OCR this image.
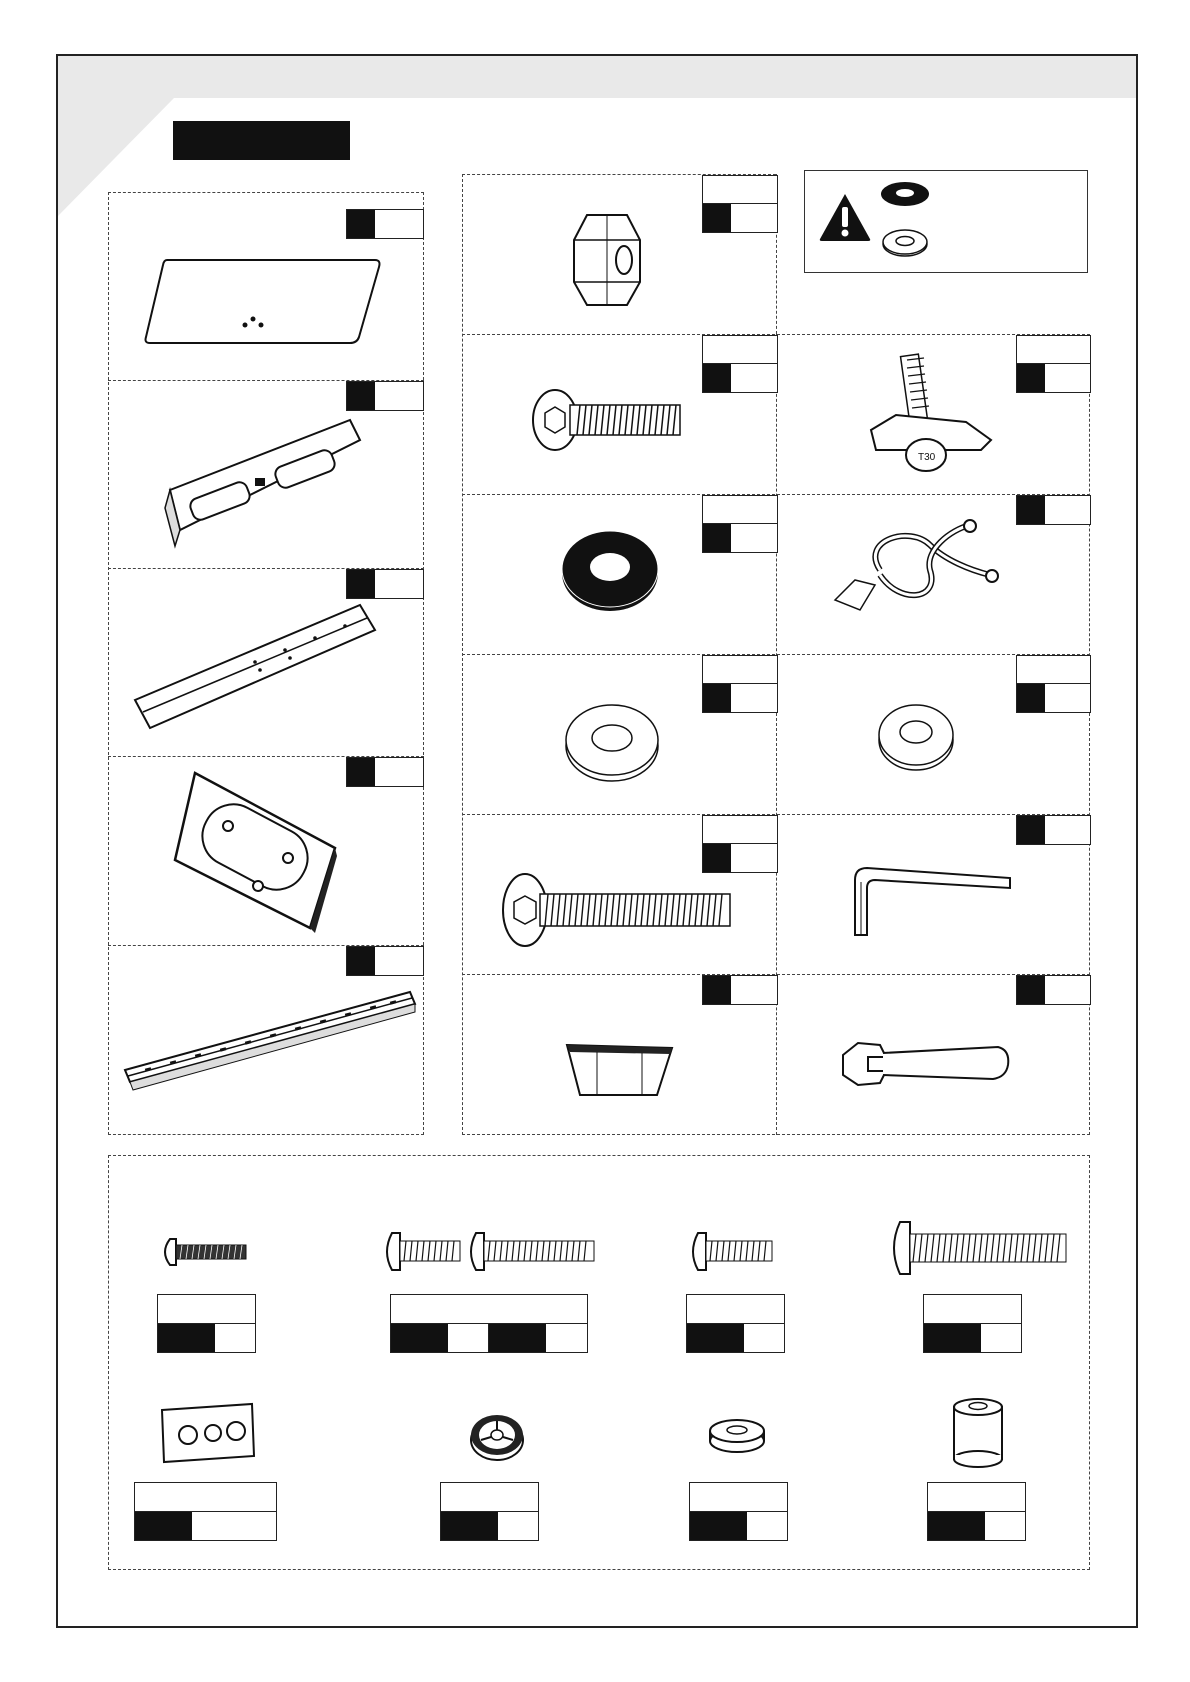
T30
